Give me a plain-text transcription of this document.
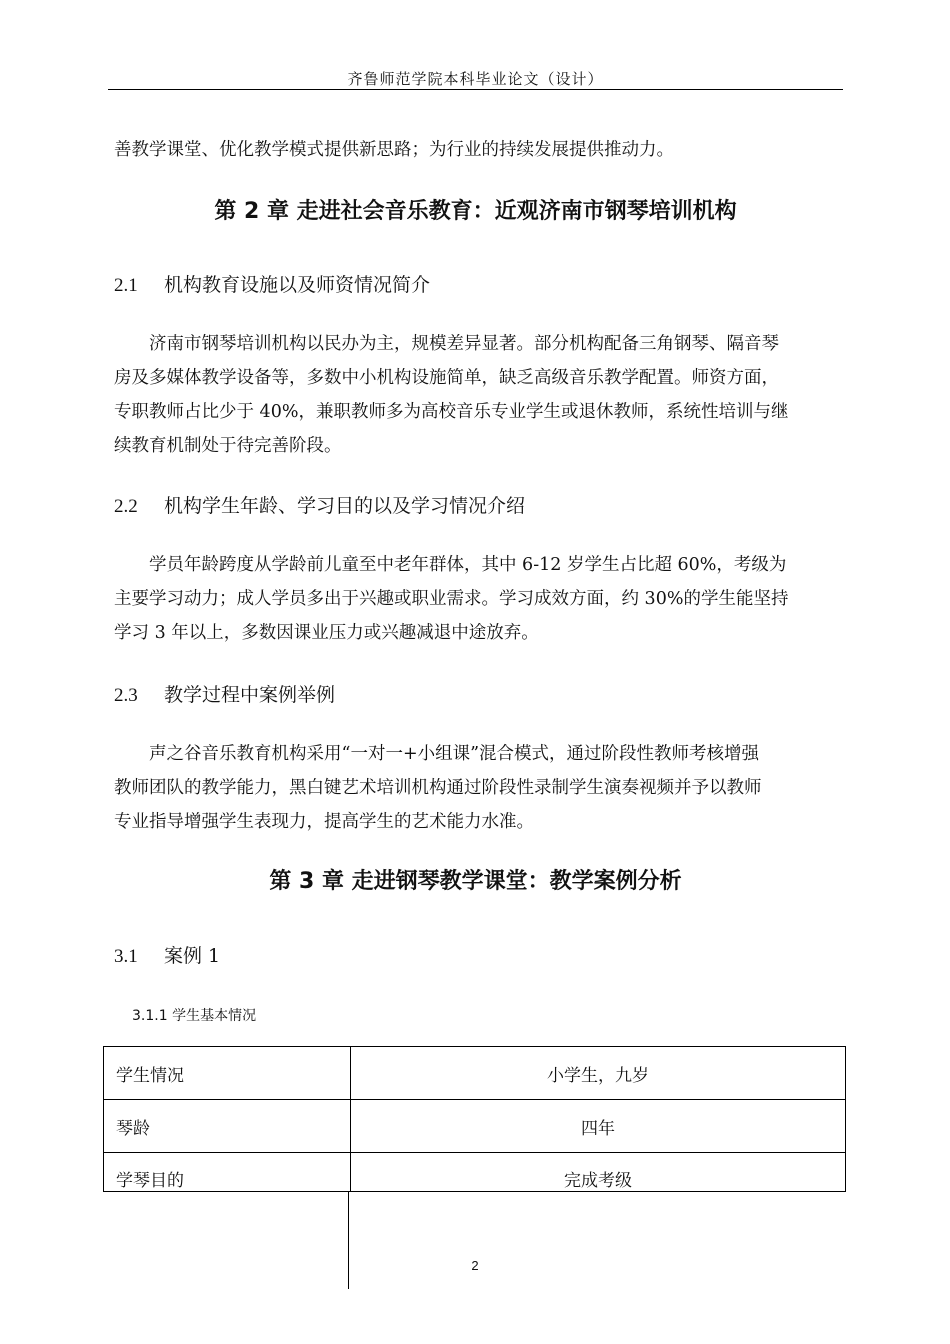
齐鲁师范学院本科毕业论文（设计）
善教学课堂、优化教学模式提供新思路；为行业的持续发展提供推动力。
第 2 章 走进社会音乐教育：近观济南市钢琴培训机构
2.1 机构教育设施以及师资情况简介
济南市钢琴培训机构以民办为主，规模差异显著。部分机构配备三角钢琴、隔音琴
房及多媒体教学设备等，多数中小机构设施简单，缺乏高级音乐教学配置。师资方面，
专职教师占比少于 40%，兼职教师多为高校音乐专业学生或退休教师，系统性培训与继
续教育机制处于待完善阶段。
2.2 机构学生年龄、学习目的以及学习情况介绍
学员年龄跨度从学龄前儿童至中老年群体，其中 6-12 岁学生占比超 60%，考级为
主要学习动力；成人学员多出于兴趣或职业需求。学习成效方面，约 30%的学生能坚持
学习 3 年以上，多数因课业压力或兴趣减退中途放弃。
2.3 教学过程中案例举例
声之谷音乐教育机构采用“一对一+小组课”混合模式，通过阶段性教师考核增强
教师团队的教学能力，黑白键艺术培训机构通过阶段性录制学生演奏视频并予以教师
专业指导增强学生表现力，提高学生的艺术能力水准。
第 3 章 走进钢琴教学课堂：教学案例分析
3.1 案例 1
3.1.1 学生基本情况
学生情况	小学生，九岁
琴龄	四年
学琴目的	完成考级
2
